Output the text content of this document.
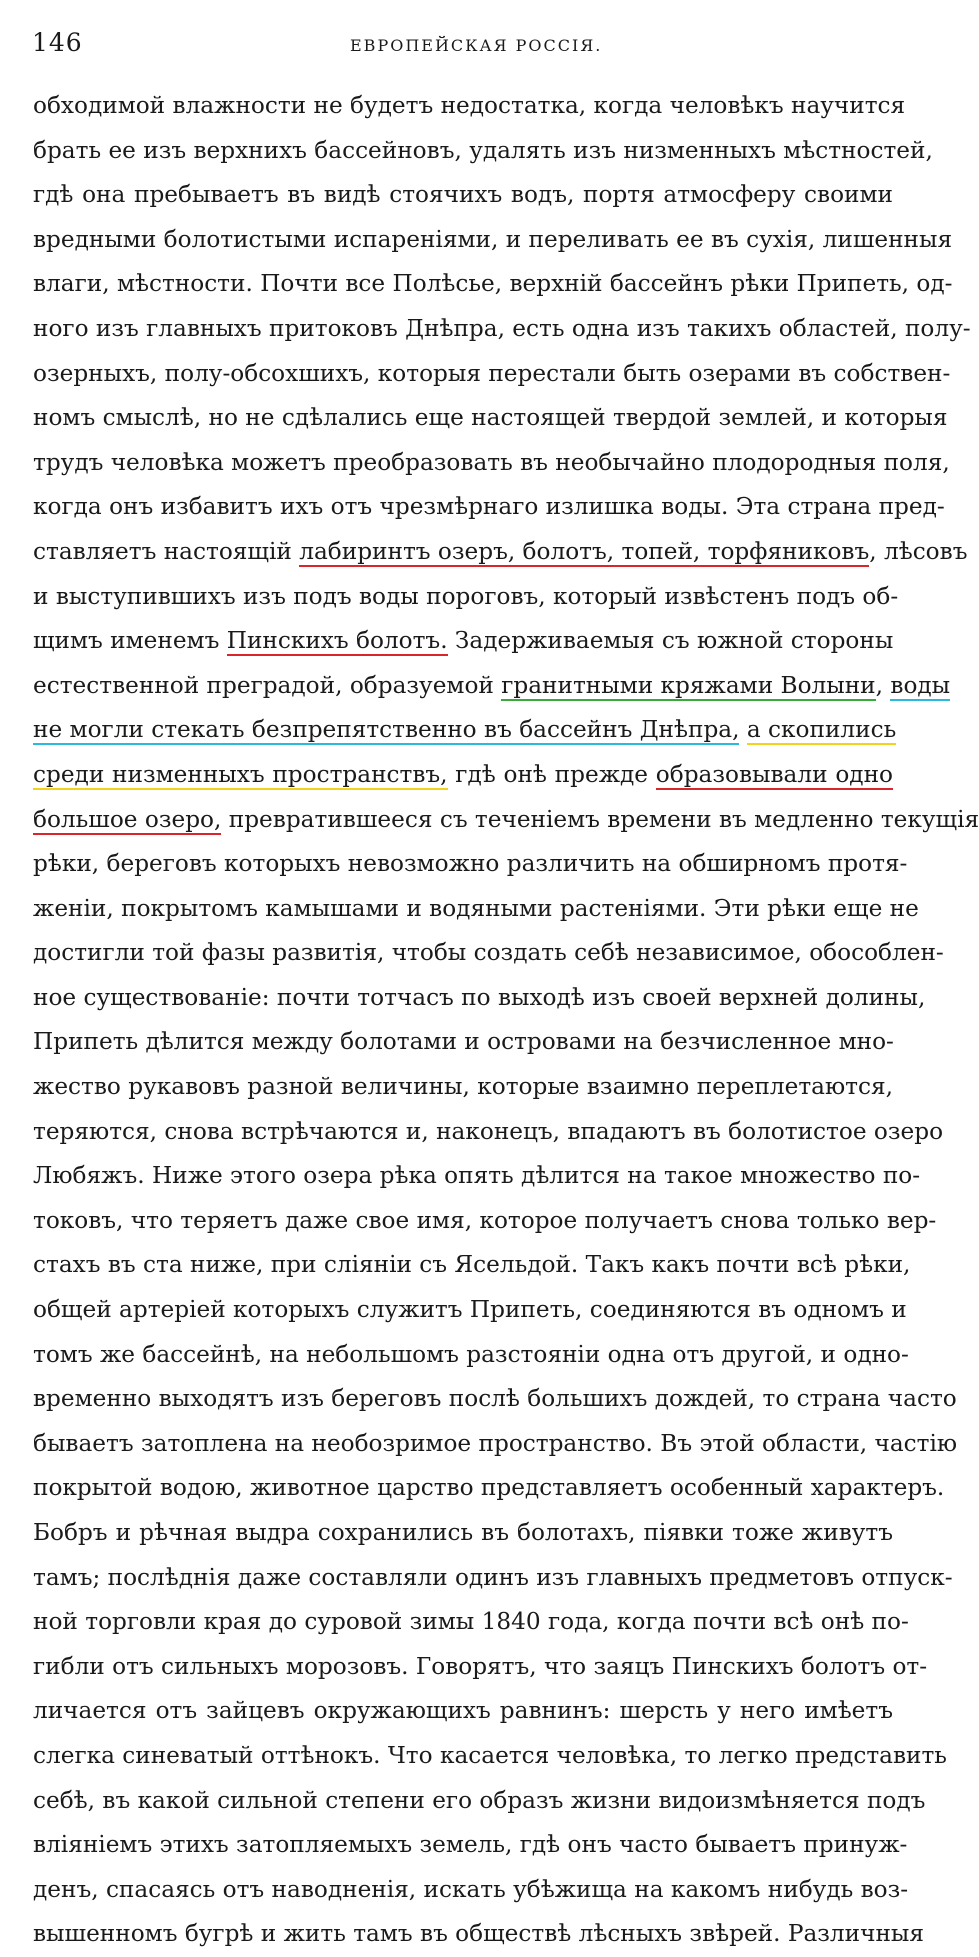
146	ЕВРОПЕЙСКАЯ РОССІЯ.
обходимой влажности не будетъ недостатка, когда человѣкъ научится
брать ее изъ верхнихъ бассейновъ, удалять изъ низменныхъ мѣстностей,
гдѣ она пребываетъ въ видѣ стоячихъ водъ, портя атмосферу своими
вредными болотистыми испареніями, и переливать ее въ сухія, лишенныя
влаги, мѣстности. Почти все Полѣсье, верхній бассейнъ рѣки Припеть, од-
ного изъ главныхъ притоковъ Днѣпра, есть одна изъ такихъ областей, полу-
озерныхъ, полу-обсохшихъ, которыя перестали быть озерами въ собствен-
номъ смыслѣ, но не сдѣлались еще настоящей твердой землей, и которыя
трудъ человѣка можетъ преобразовать въ необычайно плодородныя поля,
когда онъ избавитъ ихъ отъ чрезмѣрнаго излишка воды. Эта страна пред-
ставляетъ настоящій лабиринтъ озеръ, болотъ, топей, торфяниковъ, лѣсовъ
и выступившихъ изъ подъ воды пороговъ, который извѣстенъ подъ об-
щимъ именемъ Пинскихъ болотъ. Задерживаемыя съ южной стороны
естественной преградой, образуемой гранитными кряжами Волыни, воды
не могли стекать безпрепятственно въ бассейнъ Днѣпра, а скопились
среди низменныхъ пространствъ, гдѣ онѣ прежде образовывали одно
большое озеро, превратившееся съ теченіемъ времени въ медленно текущія
рѣки, береговъ которыхъ невозможно различить на обширномъ протя-
женіи, покрытомъ камышами и водяными растеніями. Эти рѣки еще не
достигли той фазы развитія, чтобы создать себѣ независимое, обособлен-
ное существованіе: почти тотчасъ по выходѣ изъ своей верхней долины,
Припеть дѣлится между болотами и островами на безчисленное мно-
жество рукавовъ разной величины, которые взаимно переплетаются,
теряются, снова встрѣчаются и, наконецъ, впадаютъ въ болотистое озеро
Любяжъ. Ниже этого озера рѣка опять дѣлится на такое множество по-
токовъ, что теряетъ даже свое имя, которое получаетъ снова только вер-
стахъ въ ста ниже, при сліяніи съ Ясельдой. Такъ какъ почти всѣ рѣки,
общей артеріей которыхъ служитъ Припеть, соединяются въ одномъ и
томъ же бассейнѣ, на небольшомъ разстояніи одна отъ другой, и одно-
временно выходятъ изъ береговъ послѣ большихъ дождей, то страна часто
бываетъ затоплена на необозримое пространство. Въ этой области, частію
покрытой водою, животное царство представляетъ особенный характеръ.
Бобръ и рѣчная выдра сохранились въ болотахъ, піявки тоже живутъ
тамъ; послѣднія даже составляли одинъ изъ главныхъ предметовъ отпуск-
ной торговли края до суровой зимы 1840 года, когда почти всѣ онѣ по-
гибли отъ сильныхъ морозовъ. Говорятъ, что заяцъ Пинскихъ болотъ от-
личается отъ зайцевъ окружающихъ равнинъ: шерсть у него имѣетъ
слегка синеватый оттѣнокъ. Что касается человѣка, то легко представить
себѣ, въ какой сильной степени его образъ жизни видоизмѣняется подъ
вліяніемъ этихъ затопляемыхъ земель, гдѣ онъ часто бываетъ принуж-
денъ, спасаясь отъ наводненія, искать убѣжища на какомъ нибудь воз-
вышенномъ бугрѣ и жить тамъ въ обществѣ лѣсныхъ звѣрей. Различныя
